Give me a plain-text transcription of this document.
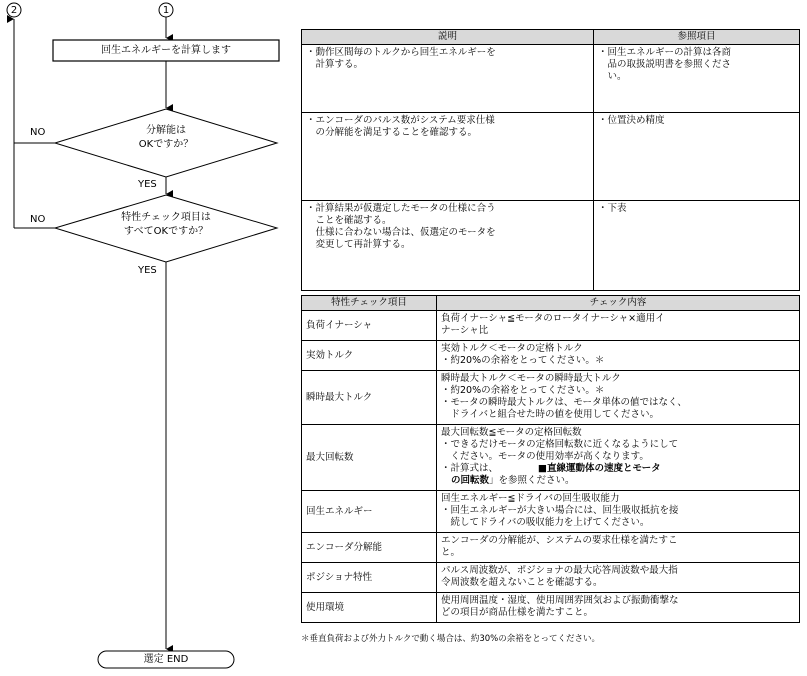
1
2
回生エネルギーを計算します
分解能は
OKですか？
特性チェック項目は
すべてOKですか？
NO
NO
YES
YES
選定 END
説明	参照項目

・動作区間毎のトルクから回生エネルギーを
　計算する。	・回生エネルギーの計算は各商
　品の取扱説明書を参照くださ
　い。

・エンコーダのパルス数がシステム要求仕様
　の分解能を満足することを確認する。	・位置決め精度

・計算結果が仮選定したモータの仕様に合う
　ことを確認する。
　仕様に合わない場合は、仮選定のモータを
　変更して再計算する。	・下表
特性チェック項目	チェック内容
負荷イナーシャ	負荷イナーシャ≦モータのロータイナーシャ×適用イ
ナーシャ比

実効トルク	実効トルク＜モータの定格トルク
・約20%の余裕をとってください。＊

瞬時最大トルク	瞬時最大トルク＜モータの瞬時最大トルク
・約20%の余裕をとってください。＊
・モータの瞬時最大トルクは、モータ単体の値ではなく、
　ドライバと組合せた時の値を使用してください。

最大回転数	最大回転数≦モータの定格回転数
・できるだけモータの定格回転数に近くなるようにして
　ください。モータの使用効率が高くなります。
・計算式は、 ■直線運動体の速度とモータ
の回転数」を参照ください。

回生エネルギー	回生エネルギー≦ドライバの回生吸収能力
・回生エネルギーが大きい場合には、回生吸収抵抗を接
　続してドライバの吸収能力を上げてください。

エンコーダ分解能	エンコーダの分解能が、システムの要求仕様を満たすこ
と。

ポジショナ特性	パルス周波数が、ポジショナの最大応答周波数や最大指
令周波数を超えないことを確認する。

使用環境	使用周囲温度・湿度、使用周囲雰囲気および振動衝撃な
どの項目が商品仕様を満たすこと。
＊垂直負荷および外力トルクで動く場合は、約30%の余裕をとってください。
